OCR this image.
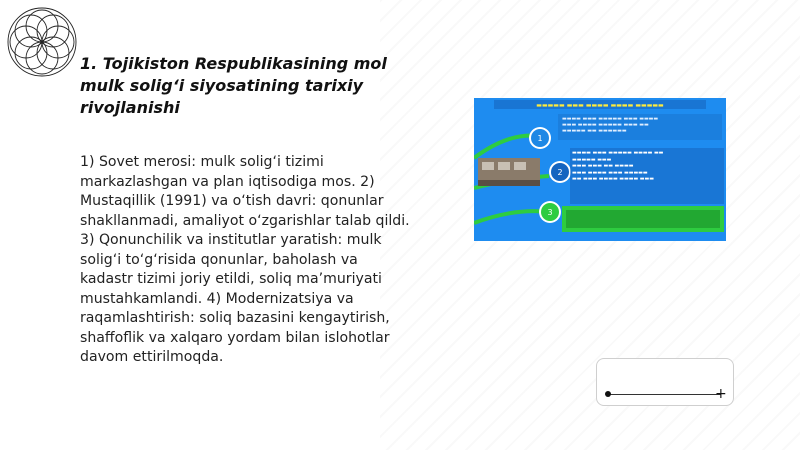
1. Tojikiston Respublikasining mol mulk solig‘i siyosatining tarixiy rivojlanishi

1) Sovet merosi: mulk solig‘i tizimi markazlashgan va plan iqtisodiga mos. 2) Mustaqillik (1991) va o‘tish davri: qonunlar shakllanmadi, amaliyot o‘zgarishlar talab qildi. 3) Qonunchilik va institutlar yaratish: mulk solig‘i to‘g‘risida qonunlar, baholash va kadastr tizimi joriy etildi, soliq ma’muriyati mustahkamlandi. 4) Modernizatsiya va raqamlashtirish: soliq bazasini kengaytirish, shaffoflik va xalqaro yordam bilan islohotlar davom ettirilmoqda.

▬▬▬▬▬ ▬▬▬ ▬▬▬▬ ▬▬▬▬ ▬▬▬▬▬
▬▬▬▬ ▬▬▬ ▬▬▬▬▬ ▬▬▬ ▬▬▬▬
▬▬▬ ▬▬▬▬ ▬▬▬▬▬ ▬▬▬ ▬▬
▬▬▬▬▬ ▬▬ ▬▬▬▬▬▬
▬▬▬▬ ▬▬▬ ▬▬▬▬▬ ▬▬▬▬ ▬▬
▬▬▬▬▬ ▬▬▬
▬▬▬ ▬▬▬ ▬▬ ▬▬▬▬
▬▬▬ ▬▬▬▬ ▬▬▬ ▬▬▬▬▬
▬▬ ▬▬▬ ▬▬▬▬ ▬▬▬▬ ▬▬▬
1
2
3
+
